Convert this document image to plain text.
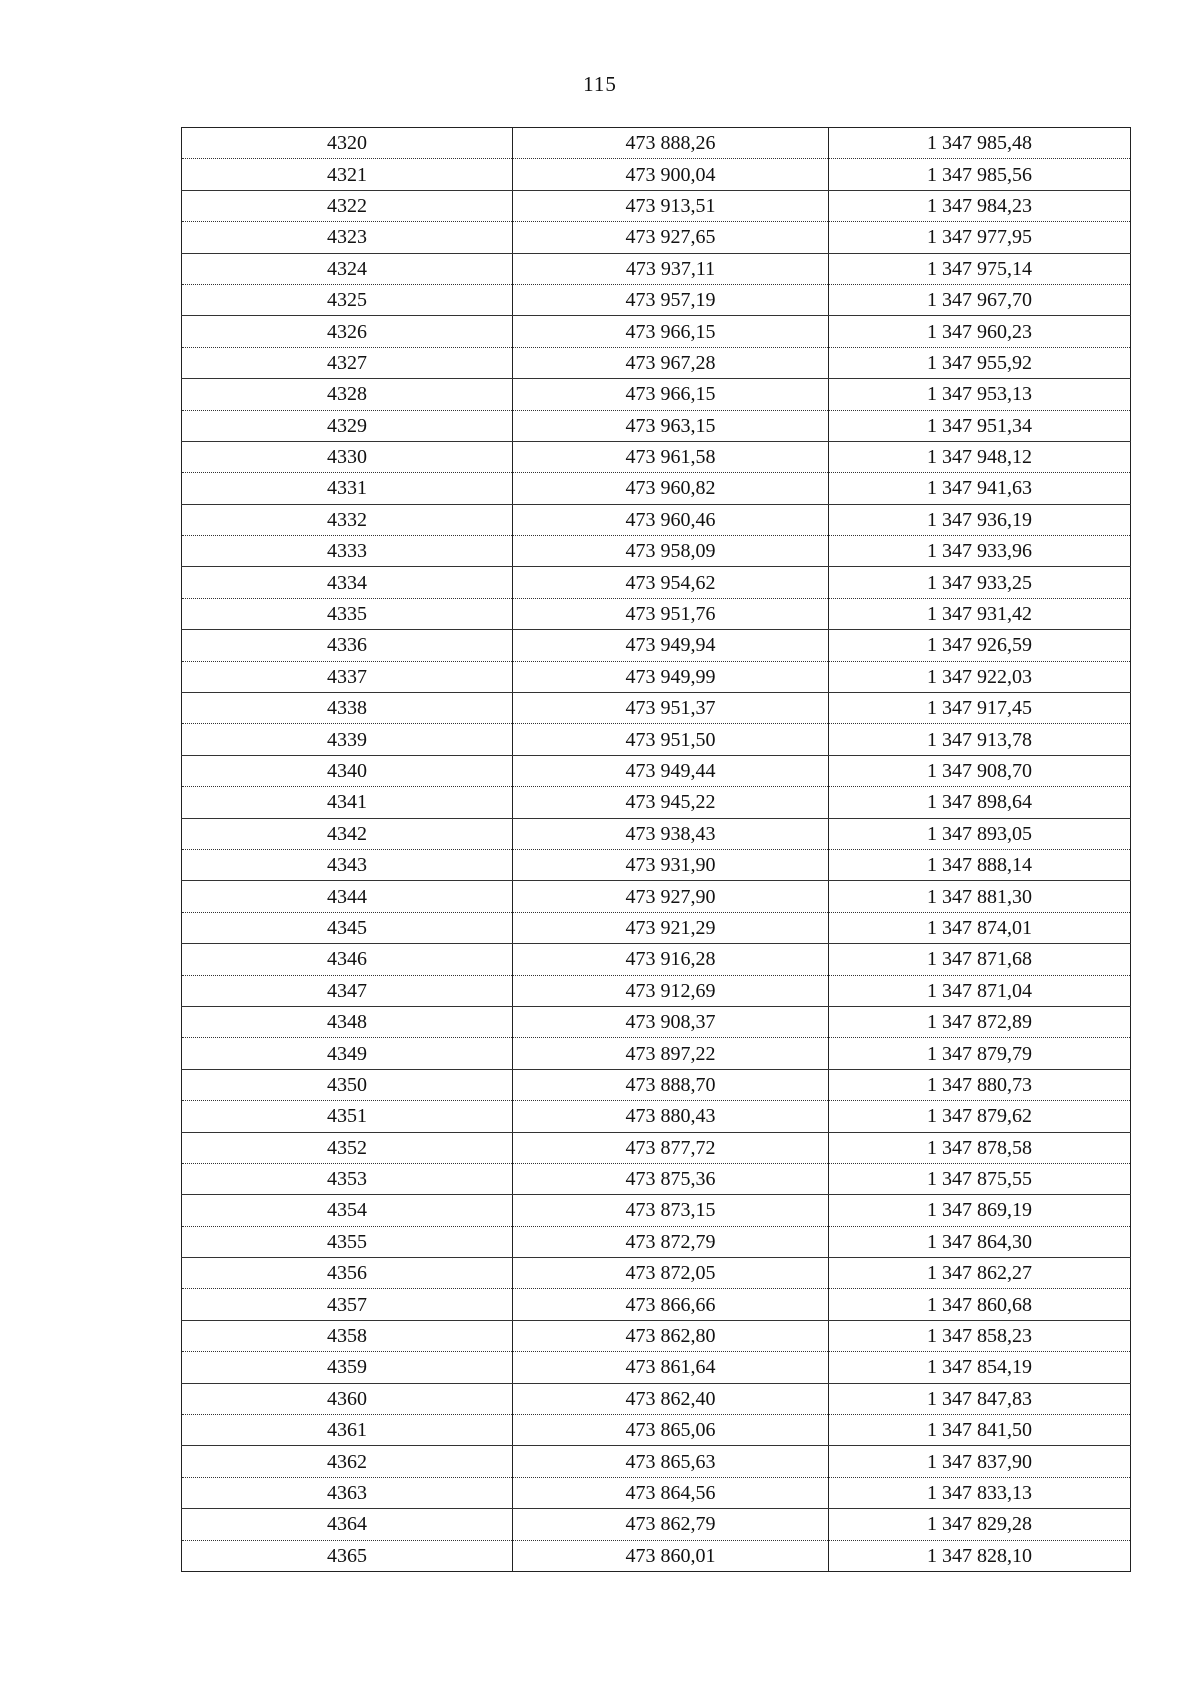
115
4320	473 888,26	1 347 985,48
4321	473 900,04	1 347 985,56
4322	473 913,51	1 347 984,23
4323	473 927,65	1 347 977,95
4324	473 937,11	1 347 975,14
4325	473 957,19	1 347 967,70
4326	473 966,15	1 347 960,23
4327	473 967,28	1 347 955,92
4328	473 966,15	1 347 953,13
4329	473 963,15	1 347 951,34
4330	473 961,58	1 347 948,12
4331	473 960,82	1 347 941,63
4332	473 960,46	1 347 936,19
4333	473 958,09	1 347 933,96
4334	473 954,62	1 347 933,25
4335	473 951,76	1 347 931,42
4336	473 949,94	1 347 926,59
4337	473 949,99	1 347 922,03
4338	473 951,37	1 347 917,45
4339	473 951,50	1 347 913,78
4340	473 949,44	1 347 908,70
4341	473 945,22	1 347 898,64
4342	473 938,43	1 347 893,05
4343	473 931,90	1 347 888,14
4344	473 927,90	1 347 881,30
4345	473 921,29	1 347 874,01
4346	473 916,28	1 347 871,68
4347	473 912,69	1 347 871,04
4348	473 908,37	1 347 872,89
4349	473 897,22	1 347 879,79
4350	473 888,70	1 347 880,73
4351	473 880,43	1 347 879,62
4352	473 877,72	1 347 878,58
4353	473 875,36	1 347 875,55
4354	473 873,15	1 347 869,19
4355	473 872,79	1 347 864,30
4356	473 872,05	1 347 862,27
4357	473 866,66	1 347 860,68
4358	473 862,80	1 347 858,23
4359	473 861,64	1 347 854,19
4360	473 862,40	1 347 847,83
4361	473 865,06	1 347 841,50
4362	473 865,63	1 347 837,90
4363	473 864,56	1 347 833,13
4364	473 862,79	1 347 829,28
4365	473 860,01	1 347 828,10
